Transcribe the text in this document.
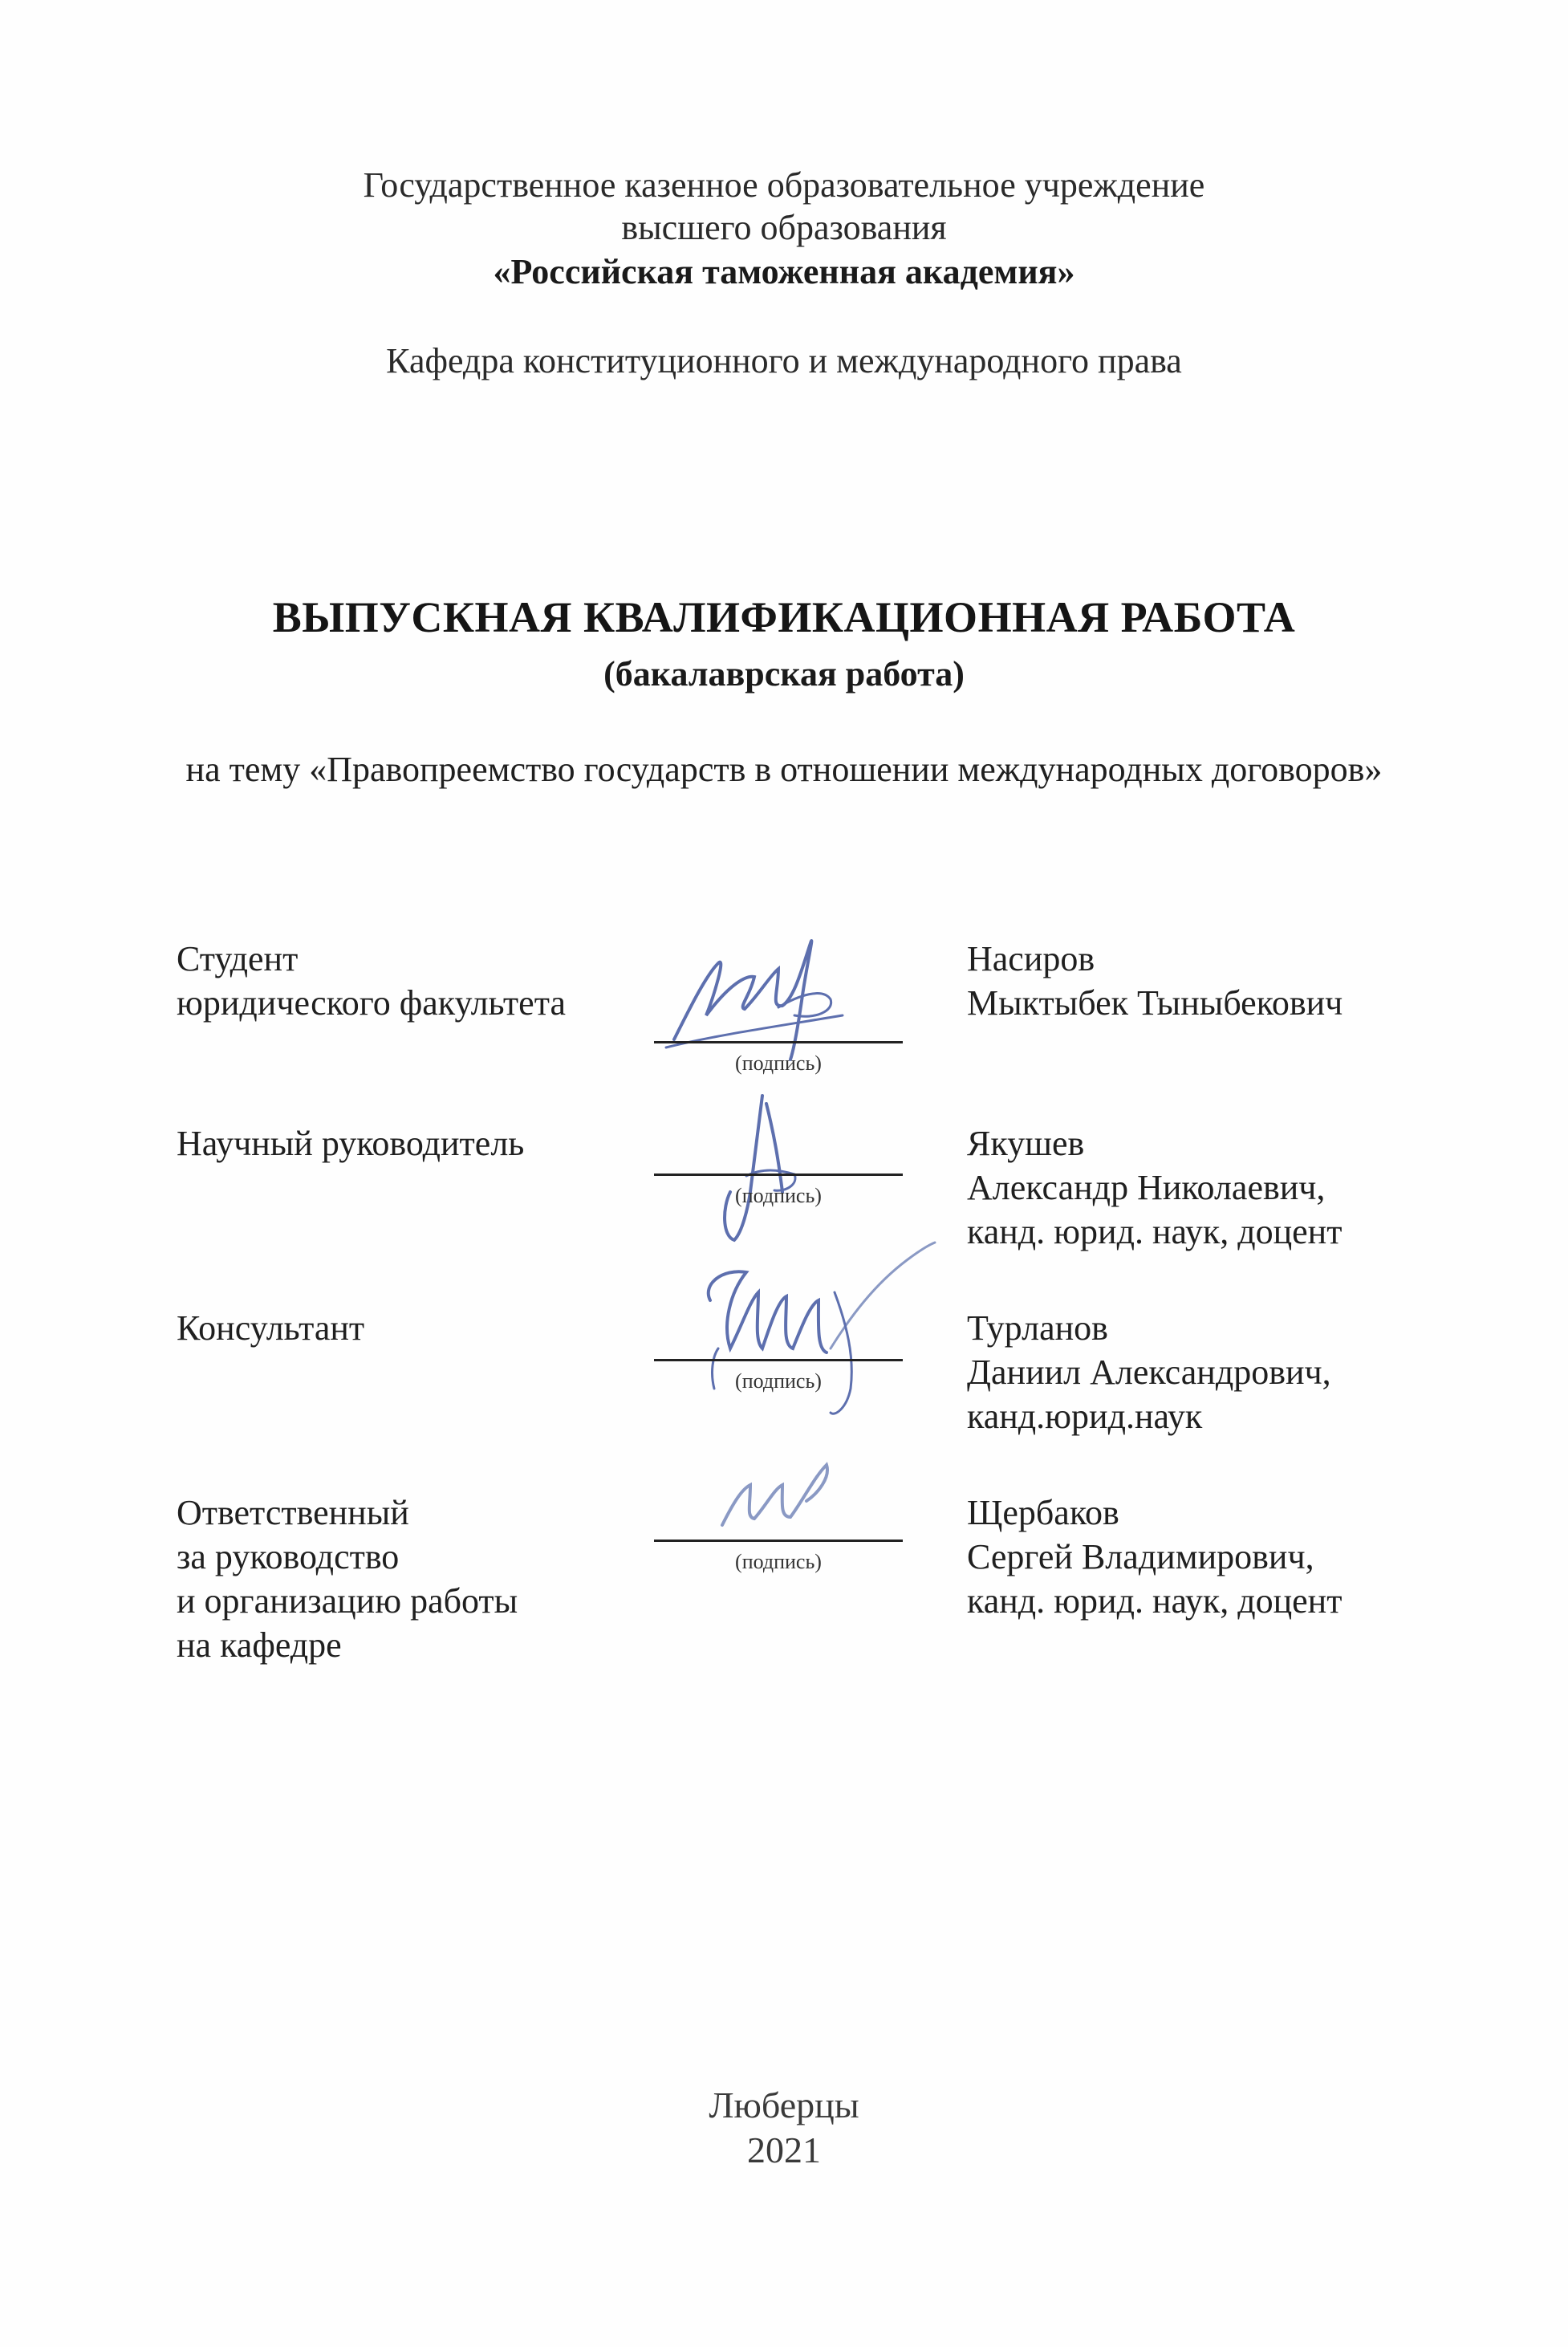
Государственное казенное образовательное учреждение
высшего образования
«Российская таможенная академия»
Кафедра конституционного и международного права
ВЫПУСКНАЯ КВАЛИФИКАЦИОННАЯ РАБОТА
(бакалаврская работа)
на тему «Правопреемство государств в отношении международных договоров»
Студент
юридического факультета
(подпись)
Насиров
Мыктыбек Тыныбекович
Научный руководитель
(подпись)
Якушев
Александр Николаевич,
канд. юрид. наук, доцент
Консультант
(подпись)
Турланов
Даниил Александрович,
канд.юрид.наук
Ответственный
за руководство
и организацию работы
на кафедре
(подпись)
Щербаков
Сергей Владимирович,
канд. юрид. наук, доцент
Люберцы
2021
